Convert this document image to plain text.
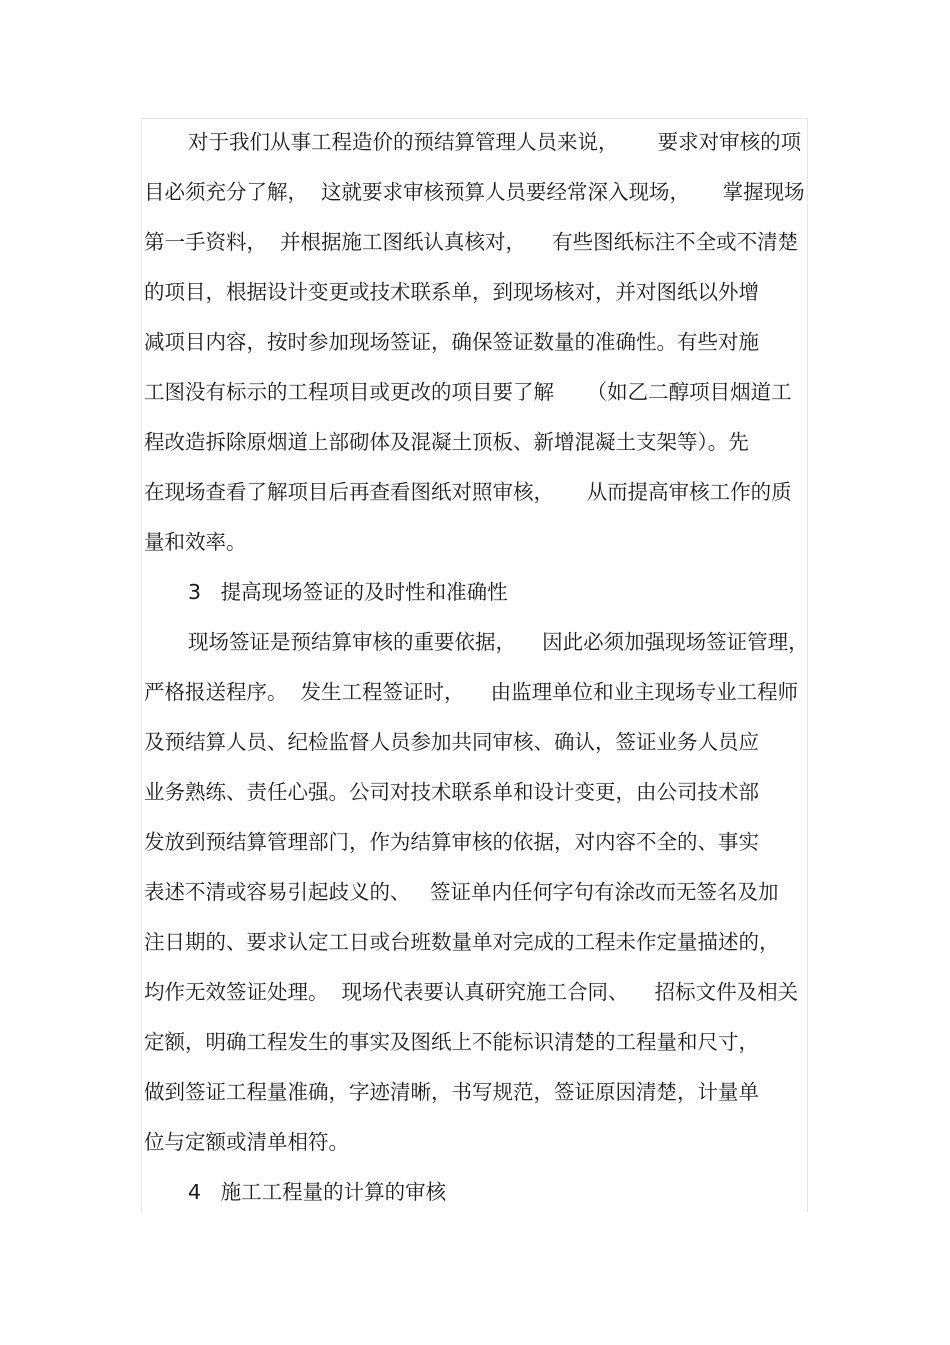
对于我们从事工程造价的预结算管理人员来说，      要求对审核的项

目必须充分了解，  这就要求审核预算人员要经常深入现场，     掌握现场

第一手资料，  并根据施工图纸认真核对，    有些图纸标注不全或不清楚

的项目，根据设计变更或技术联系单，到现场核对，并对图纸以外增

减项目内容，按时参加现场签证，确保签证数量的准确性。有些对施

工图没有标示的工程项目或更改的项目要了解     （如乙二醇项目烟道工

程改造拆除原烟道上部砌体及混凝土顶板、新增混凝土支架等）。先

在现场查看了解项目后再查看图纸对照审核，     从而提高审核工作的质

量和效率。

3   提高现场签证的及时性和准确性

现场签证是预结算审核的重要依据，    因此必须加强现场签证管理，

严格报送程序。  发生工程签证时，    由监理单位和业主现场专业工程师

及预结算人员、纪检监督人员参加共同审核、确认，签证业务人员应

业务熟练、责任心强。公司对技术联系单和设计变更，由公司技术部

发放到预结算管理部门，作为结算审核的依据，对内容不全的、事实

表述不清或容易引起歧义的、   签证单内任何字句有涂改而无签名及加

注日期的、要求认定工日或台班数量单对完成的工程未作定量描述的，

均作无效签证处理。  现场代表要认真研究施工合同、    招标文件及相关

定额，明确工程发生的事实及图纸上不能标识清楚的工程量和尺寸，

做到签证工程量准确，字迹清晰，书写规范，签证原因清楚，计量单

位与定额或清单相符。

4   施工工程量的计算的审核
